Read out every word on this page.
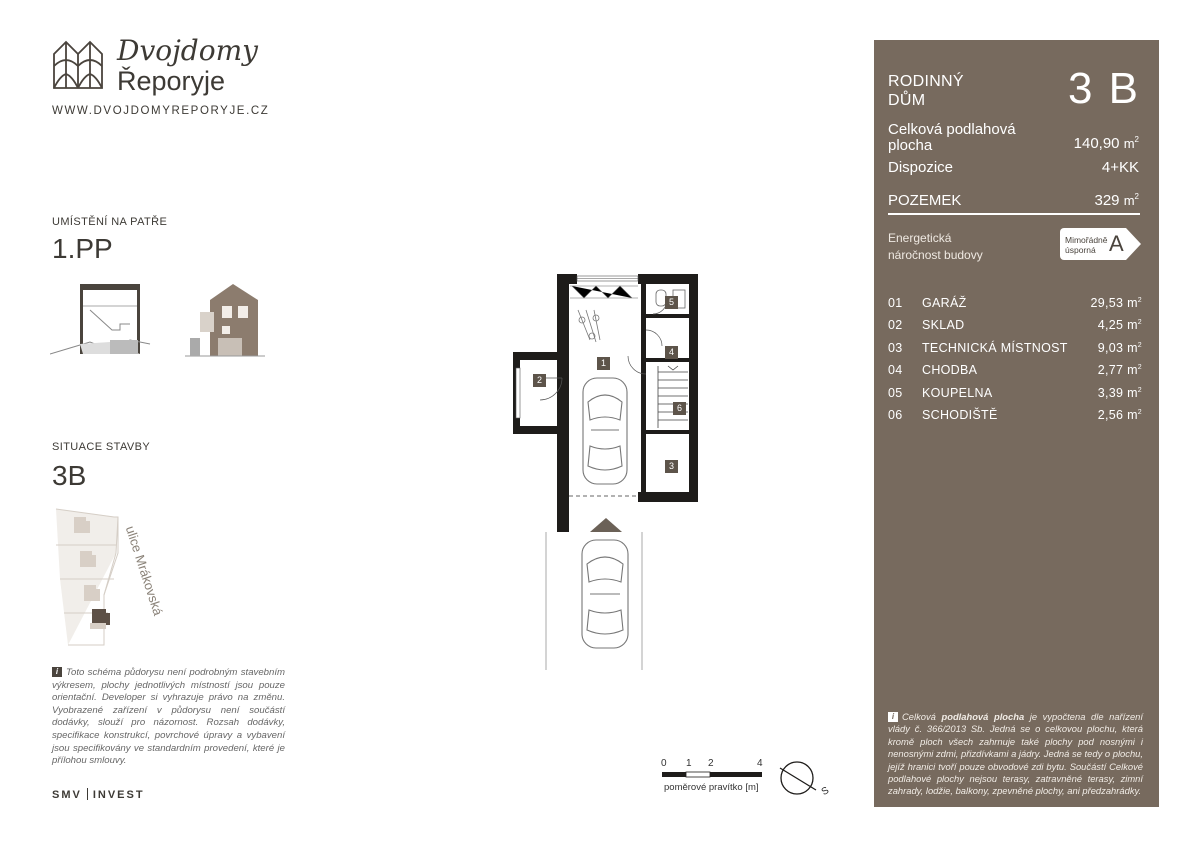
Dvojdomy
Řeporyje
WWW.DVOJDOMYREPORYJE.CZ
UMÍSTĚNÍ NA PATŘE
1.PP
SITUACE STAVBY
3B
ulice Mrákovská
i Toto schéma půdorysu není podrobným stavebním výkresem, plochy jednotlivých místností jsou pouze orientační. Developer si vyhrazuje právo na změnu. Vyobrazené zařízení v půdorysu není součástí dodávky, slouží pro názornost. Rozsah dodávky, specifikace konstrukcí, povrchové úpravy a vybavení jsou specifikovány ve standardním provedení, které je přílohou smlouvy.
SMV INVEST
1
2
3
4
5
6
0 1 2	4
poměrové pravítko [m]	S
RODINNÝ
DŮM	3 B
Celková podlahová
plocha	140,90 $m^2$
Dispozice	4+KK
POZEMEK	329 $m^2$
Energetická
náročnost budovy
Mimořádně
úsporná A
01 GARÁŽ	29,53 $m^2$
02 SKLAD	4,25 $m^2$
03 TECHNICKÁ MÍSTNOST 9,03 $m^2$
04 CHODBA	2,77 $m^2$
05 KOUPELNA	3,39 $m^2$
06 SCHODIŠTĚ	2,56 $m^2$
i Celková podlahová plocha je vypočtena dle nařízení vlády č. 366/2013 Sb. Jedná se o celkovou plochu, která kromě ploch všech zahrnuje také plochy pod nosnými i nenosnými zdmi, přizdívkami a jádry. Jedná se tedy o plochu, jejíž hranici tvoří pouze obvodové zdi bytu. Součástí Celkové podlahové plochy nejsou terasy, zatravněné terasy, zimní zahrady, lodžie, balkony, zpevněné plochy, ani předzahrádky.
